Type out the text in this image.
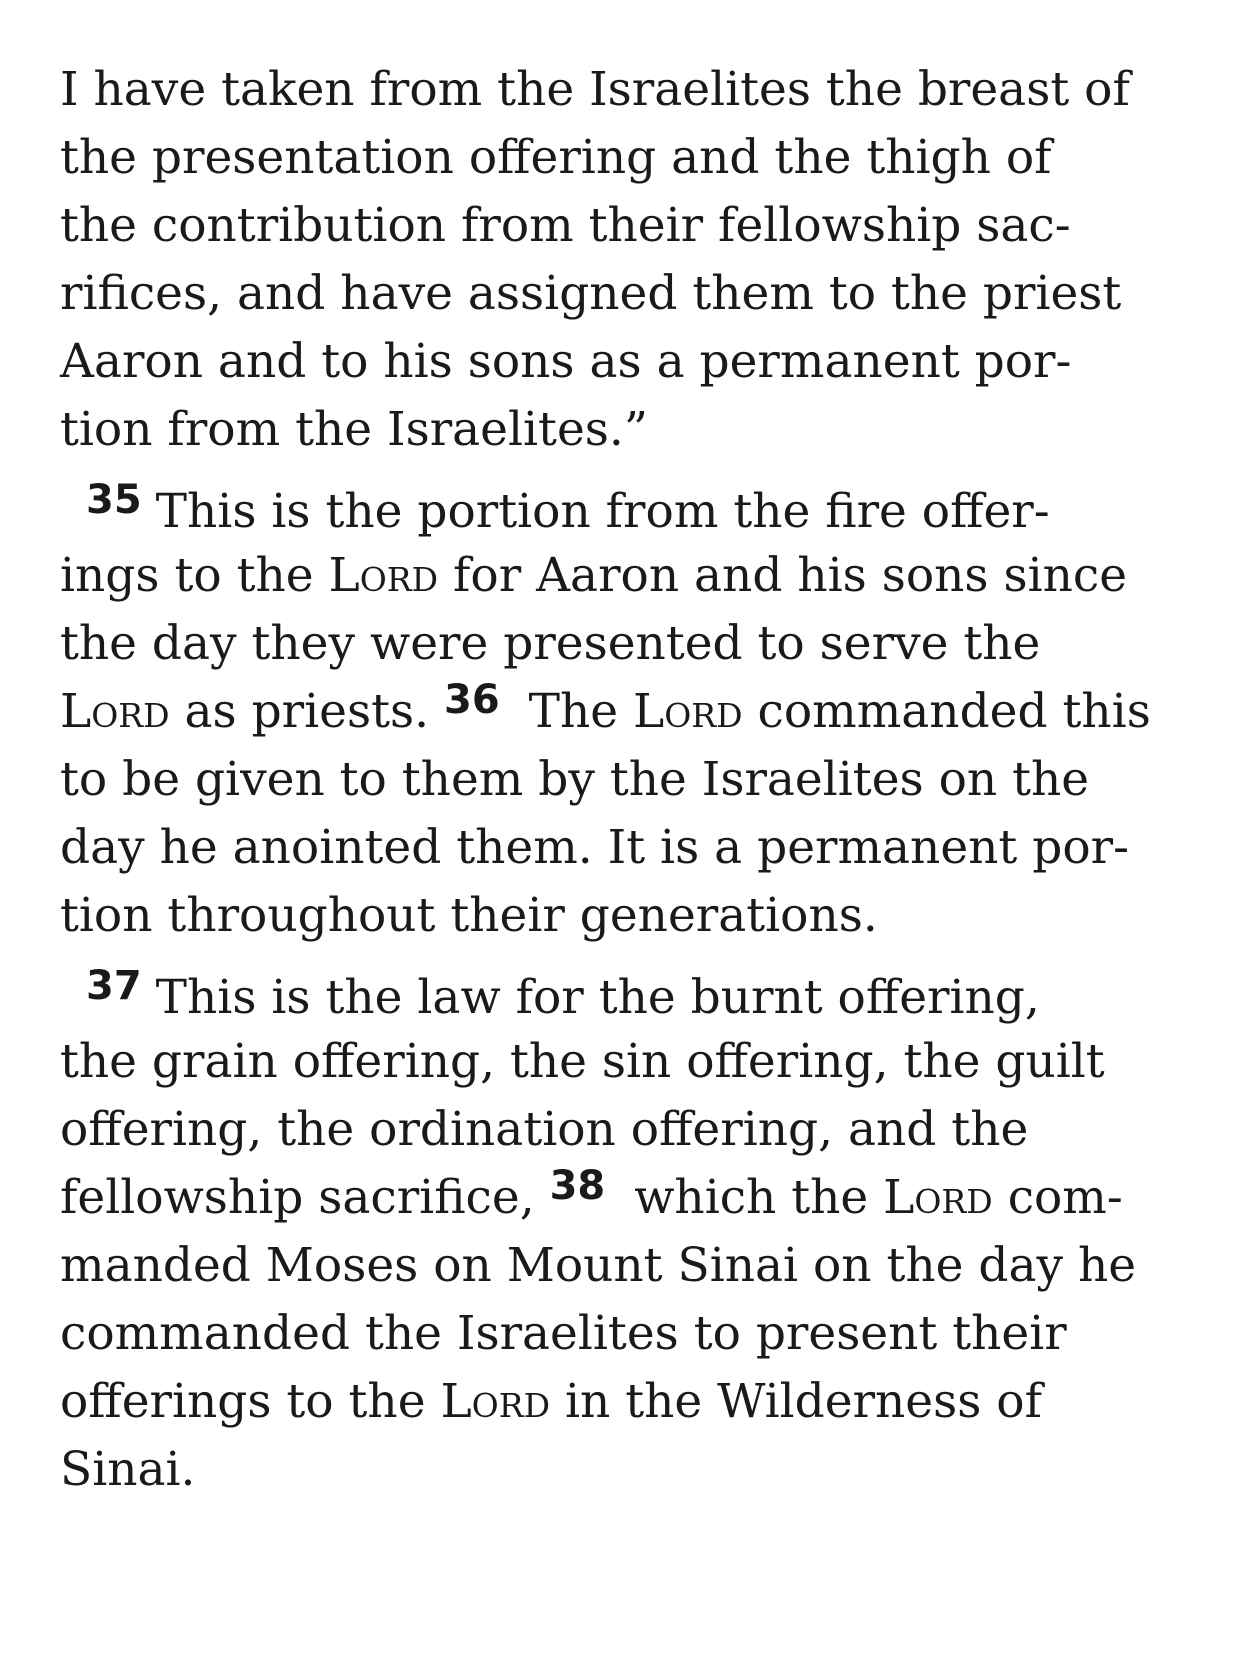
I have taken from the Israelites the breast of
the presentation offering and the thigh of
the contribution from their fellowship sac-
rifices, and have assigned them to the priest
Aaron and to his sons as a permanent por-
tion from the Israelites.”
35 This is the portion from the fire offer-
ings to the Lord for Aaron and his sons since
the day they were presented to serve the
Lord as priests. 36 The Lord commanded this
to be given to them by the Israelites on the
day he anointed them. It is a permanent por-
tion throughout their generations.
37 This is the law for the burnt offering,
the grain offering, the sin offering, the guilt
offering, the ordination offering, and the
fellowship sacrifice, 38 which the Lord com-
manded Moses on Mount Sinai on the day he
commanded the Israelites to present their
offerings to the Lord in the Wilderness of
Sinai.
